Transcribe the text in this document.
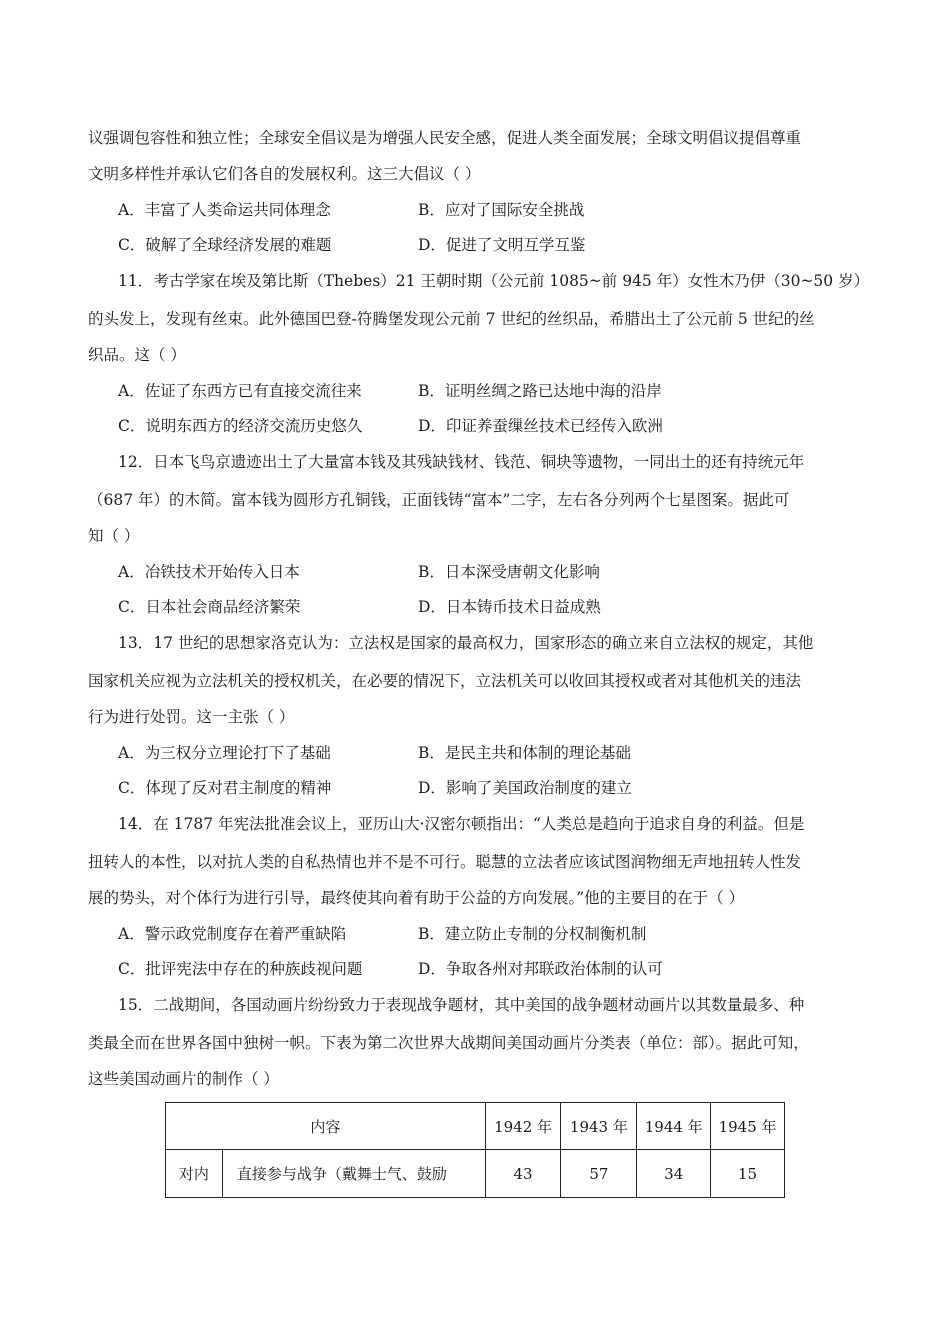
议强调包容性和独立性；全球安全倡议是为增强人民安全感，促进人类全面发展；全球文明倡议提倡尊重
文明多样性并承认它们各自的发展权利。这三大倡议（ ）
A．丰富了人类命运共同体理念	B．应对了国际安全挑战
C．破解了全球经济发展的难题	D．促进了文明互学互鉴
11．考古学家在埃及第比斯（Thebes）21 王朝时期（公元前 1085~前 945 年）女性木乃伊（30~50 岁）
的头发上，发现有丝束。此外德国巴登-符腾堡发现公元前 7 世纪的丝织品，希腊出土了公元前 5 世纪的丝
织品。这（ ）
A．佐证了东西方已有直接交流往来	B．证明丝绸之路已达地中海的沿岸
C．说明东西方的经济交流历史悠久	D．印证养蚕缫丝技术已经传入欧洲
12．日本飞鸟京遗迹出土了大量富本钱及其残缺钱材、钱范、铜块等遗物，一同出土的还有持统元年
（687 年）的木简。富本钱为圆形方孔铜钱，正面钱铸“富本”二字，左右各分列两个七星图案。据此可
知（ ）
A．冶铁技术开始传入日本	B．日本深受唐朝文化影响
C．日本社会商品经济繁荣	D．日本铸币技术日益成熟
13．17 世纪的思想家洛克认为：立法权是国家的最高权力，国家形态的确立来自立法权的规定，其他
国家机关应视为立法机关的授权机关，在必要的情况下，立法机关可以收回其授权或者对其他机关的违法
行为进行处罚。这一主张（ ）
A．为三权分立理论打下了基础	B．是民主共和体制的理论基础
C．体现了反对君主制度的精神	D．影响了美国政治制度的建立
14．在 1787 年宪法批准会议上，亚历山大·汉密尔顿指出：“人类总是趋向于追求自身的利益。但是
扭转人的本性，以对抗人类的自私热情也并不是不可行。聪慧的立法者应该试图润物细无声地扭转人性发
展的势头，对个体行为进行引导，最终使其向着有助于公益的方向发展。”他的主要目的在于（ ）
A．警示政党制度存在着严重缺陷	B．建立防止专制的分权制衡机制
C．批评宪法中存在的种族歧视问题	D．争取各州对邦联政治体制的认可
15．二战期间，各国动画片纷纷致力于表现战争题材，其中美国的战争题材动画片以其数量最多、种
类最全而在世界各国中独树一帜。下表为第二次世界大战期间美国动画片分类表（单位：部）。据此可知，
这些美国动画片的制作（ ）
内容		1942 年	1943 年	1944 年	1945 年
对内	直接参与战争（戴舞士气、鼓励	43	57	34	15
